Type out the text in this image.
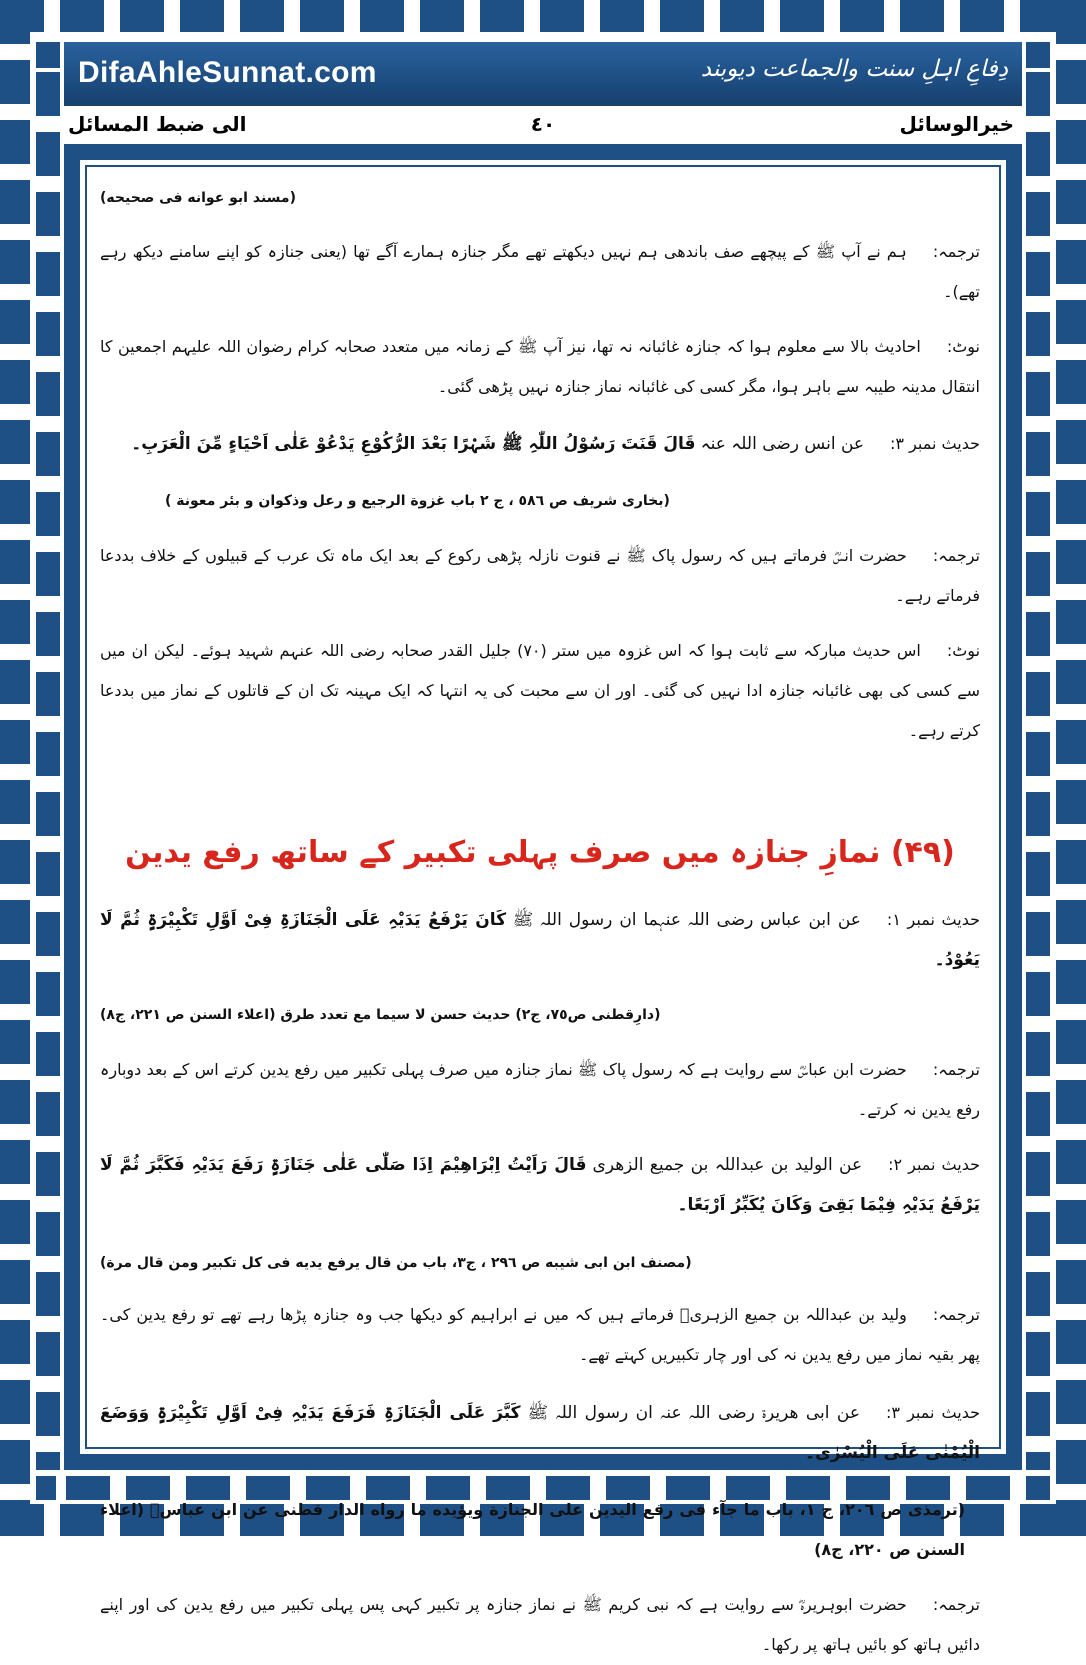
DifaAhleSunnat.com	دِفاعِ اہلِ سنت والجماعت دیوبند
الی ضبط المسائل	٤٠	خیرالوسائل

(مسند ابو عوانه فی صحیحه)

ترجمہ:ہم نے آپ ﷺ کے پیچھے صف باندھی ہم نہیں دیکھتے تھے مگر جنازہ ہمارے آگے تھا (یعنی جنازہ کو اپنے سامنے دیکھ رہے تھے)۔

نوٹ:احادیث بالا سے معلوم ہوا کہ جنازہ غائبانہ نہ تھا، نیز آپ ﷺ کے زمانہ میں متعدد صحابہ کرام رضوان اللہ علیہم اجمعین کا انتقال مدینہ طیبہ سے باہر ہوا، مگر کسی کی غائبانہ نماز جنازہ نہیں پڑھی گئی۔

حدیث نمبر ٣:عن انس رضی اللہ عنہ قَالَ قَنَتَ رَسُوْلُ اللّٰہِ ﷺ شَہْرًا بَعْدَ الرُّکُوْعِ یَدْعُوْ عَلٰی اَحْیَاءٍ مِّنَ الْعَرَبِ۔

(بخاری شریف ص ٥٨٦ ، ج ٢ باب غزوة الرجیع و رعل وذکوان و بئر معونة )

ترجمہ:حضرت انسؓ فرماتے ہیں کہ رسول پاک ﷺ نے قنوت نازلہ پڑھی رکوع کے بعد ایک ماہ تک عرب کے قبیلوں کے خلاف بددعا فرماتے رہے۔

نوٹ:اس حدیث مبارکہ سے ثابت ہوا کہ اس غزوہ میں ستر (٧٠) جلیل القدر صحابہ رضی اللہ عنہم شہید ہوئے۔ لیکن ان میں سے کسی کی بھی غائبانہ جنازہ ادا نہیں کی گئی۔ اور ان سے محبت کی یہ انتہا کہ ایک مہینہ تک ان کے قاتلوں کے نماز میں بددعا کرتے رہے۔

(۴۹) نمازِ جنازہ میں صرف پہلی تکبیر کے ساتھ رفع یدین

حدیث نمبر ١:عن ابن عباس رضی اللہ عنہما ان رسول اللہ ﷺ کَانَ یَرْفَعُ یَدَیْہِ عَلَی الْجَنَازَۃِ فِیْ اَوَّلِ تَکْبِیْرَۃٍ ثُمَّ لَا یَعُوْدُ۔

(دارِقطنی ص٧٥، ج٢) حدیث حسن لا سیما مع تعدد طرق (اعلاء السنن ص ٢٢١، ج٨)

ترجمہ:حضرت ابن عباسؓ سے روایت ہے کہ رسول پاک ﷺ نماز جنازہ میں صرف پہلی تکبیر میں رفع یدین کرتے اس کے بعد دوبارہ رفع یدین نہ کرتے۔

حدیث نمبر ٢:عن الولید بن عبداللہ بن جمیع الزھری قَالَ رَاَیْتُ اِبْرَاھِیْمَ اِذَا صَلّٰی عَلٰی جَنَازَۃٍ رَفَعَ یَدَیْہِ فَکَبَّرَ ثُمَّ لَا یَرْفَعُ یَدَیْہِ فِیْمَا بَقِیَ وَکَانَ یُکَبِّرُ اَرْبَعًا۔

(مصنف ابن ابی شیبه ص ٢٩٦ ، ج٣، باب من قال یرفع یدیه فی کل تکبیر ومن قال مرة)

ترجمہ:ولید بن عبداللہ بن جمیع الزہریؒ فرماتے ہیں کہ میں نے ابراہیم کو دیکھا جب وہ جنازہ پڑھا رہے تھے تو رفع یدین کی۔ پھر بقیہ نماز میں رفع یدین نہ کی اور چار تکبیریں کہتے تھے۔

حدیث نمبر ٣:عن ابی ھریرۃ رضی اللہ عنہ ان رسول اللہ ﷺ کَبَّرَ عَلَی الْجَنَازَۃِ فَرَفَعَ یَدَیْہِ فِیْ اَوَّلِ تَکْبِیْرَۃٍ وَوَضَعَ الْیُمْنٰی عَلَی الْیُسْرٰی۔

(ترمذی ص ٢٠٦، ج ١، باب ما جآء فی رفع الیدین علی الجنازة ویؤیده ما رواه الدار قطنی عن ابن عباسؓ (اعلاء السنن ص ٢٢٠، ج٨)

ترجمہ:حضرت ابوہریرہؓ سے روایت ہے کہ نبی کریم ﷺ نے نماز جنازہ پر تکبیر کہی پس پہلی تکبیر میں رفع یدین کی اور اپنے دائیں ہاتھ کو بائیں ہاتھ پر رکھا۔
